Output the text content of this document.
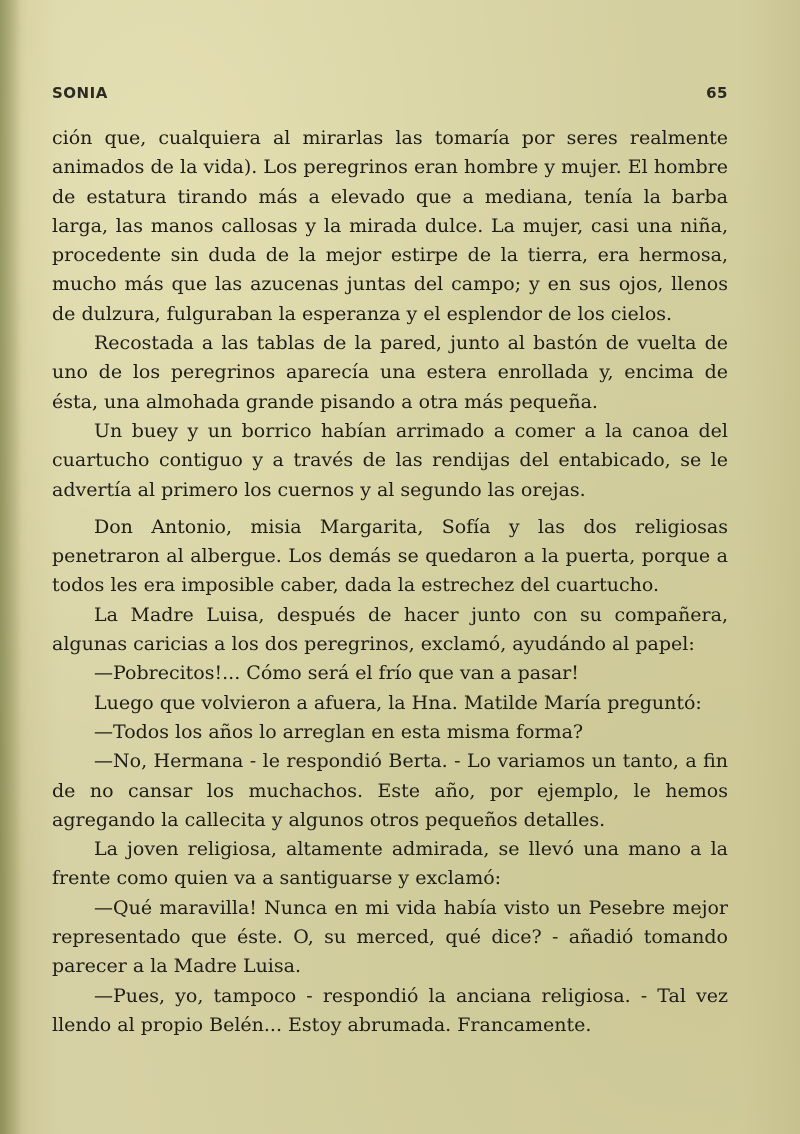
SONIA	65

ción que, cualquiera al mirarlas las tomaría por seres realmente animados de la vida). Los peregrinos eran hombre y mujer. El hombre de estatura tirando más a elevado que a mediana, tenía la barba larga, las manos callosas y la mirada dulce. La mujer, casi una niña, procedente sin duda de la mejor estirpe de la tierra, era hermosa, mucho más que las azucenas juntas del campo; y en sus ojos, llenos de dulzura, fulguraban la esperanza y el esplendor de los cielos.

Recostada a las tablas de la pared, junto al bastón de vuelta de uno de los peregrinos aparecía una estera enrollada y, encima de ésta, una almohada grande pisando a otra más pequeña.

Un buey y un borrico habían arrimado a comer a la canoa del cuartucho contiguo y a través de las rendijas del entabicado, se le advertía al primero los cuernos y al segundo las orejas.

Don Antonio, misia Margarita, Sofía y las dos religiosas penetraron al albergue. Los demás se quedaron a la puerta, porque a todos les era imposible caber, dada la estrechez del cuartucho.

La Madre Luisa, después de hacer junto con su compañera, algunas caricias a los dos peregrinos, exclamó, ayudándo al papel:

—Pobrecitos!... Cómo será el frío que van a pasar!

Luego que volvieron a afuera, la Hna. Matilde María preguntó:

—Todos los años lo arreglan en esta misma forma?

—No, Hermana - le respondió Berta. - Lo variamos un tanto, a fin de no cansar los muchachos. Este año, por ejemplo, le hemos agregando la callecita y algunos otros pequeños detalles.

La joven religiosa, altamente admirada, se llevó una mano a la frente como quien va a santiguarse y exclamó:

—Qué maravilla! Nunca en mi vida había visto un Pesebre mejor representado que éste. O, su merced, qué dice? - añadió tomando parecer a la Madre Luisa.

—Pues, yo, tampoco - respondió la anciana religiosa. - Tal vez llendo al propio Belén... Estoy abrumada. Francamente.
